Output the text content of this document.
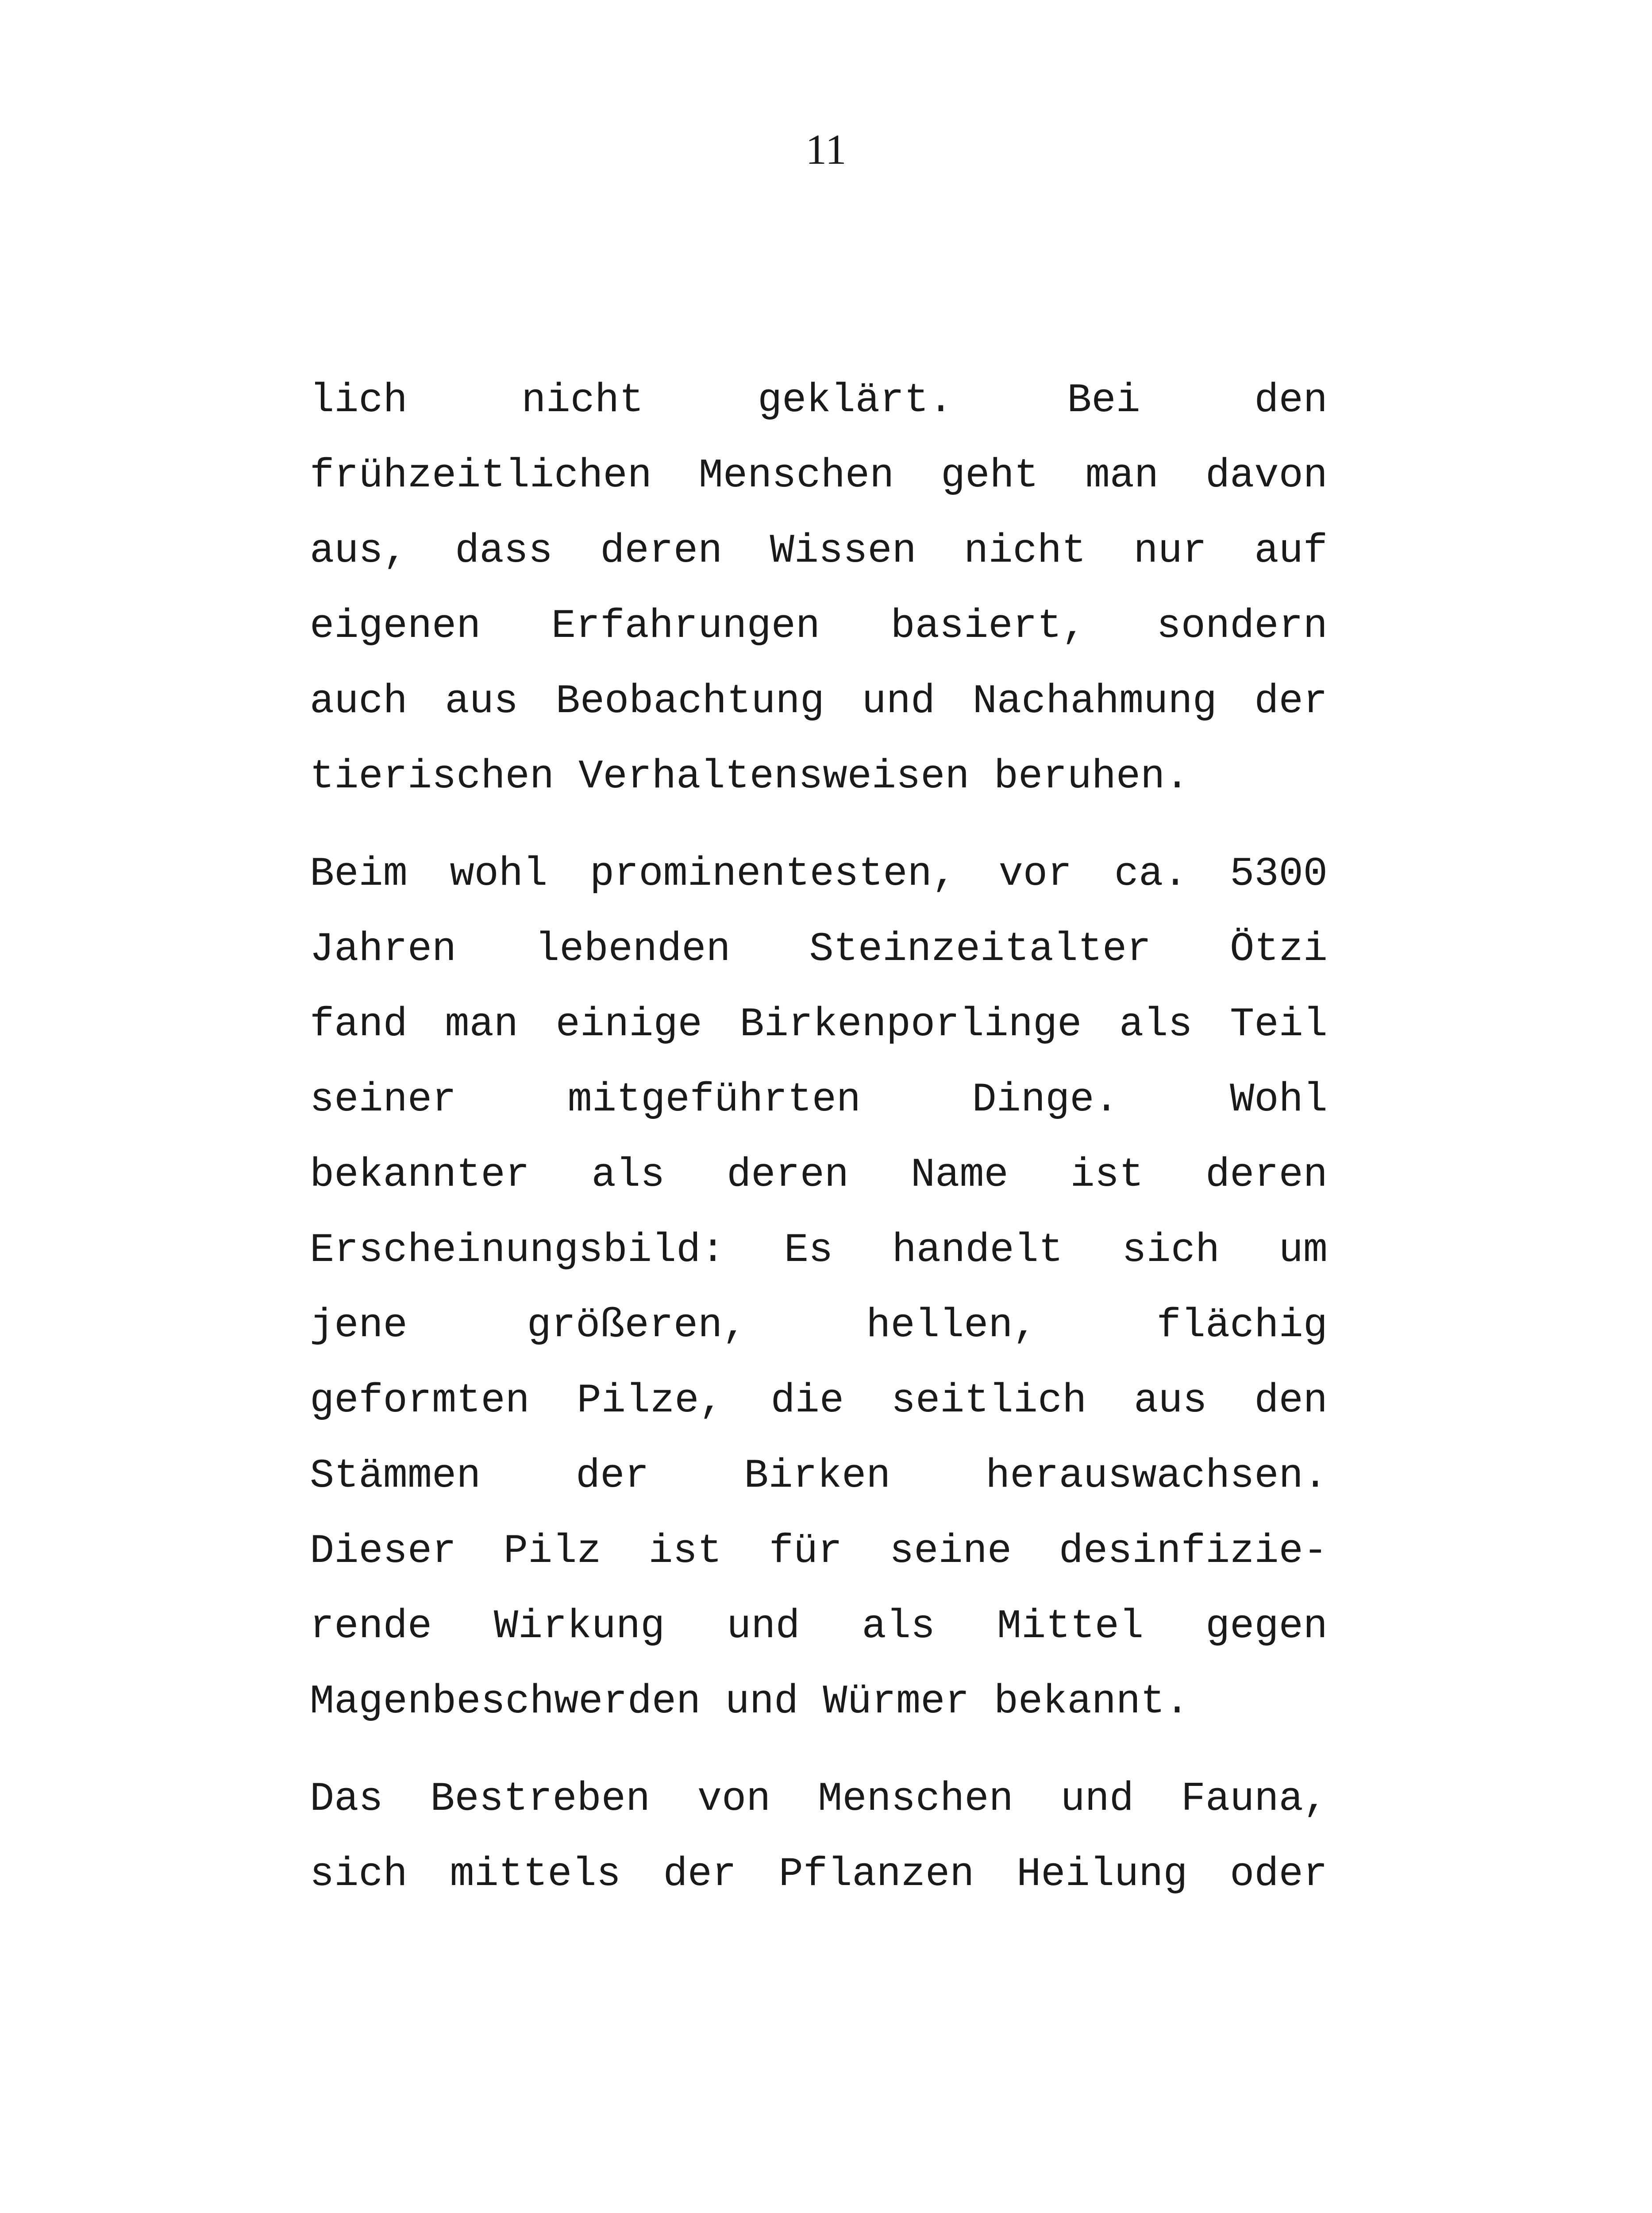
11
lich nicht geklärt. Bei den
frühzeitlichen Menschen geht man davon
aus, dass deren Wissen nicht nur auf
eigenen Erfahrungen basiert, sondern
auch aus Beobachtung und Nachahmung der
tierischen Verhaltensweisen beruhen.
Beim wohl prominentesten, vor ca. 5300
Jahren lebenden Steinzeitalter Ötzi
fand man einige Birkenporlinge als Teil
seiner mitgeführten Dinge. Wohl
bekannter als deren Name ist deren
Erscheinungsbild: Es handelt sich um
jene größeren, hellen, flächig
geformten Pilze, die seitlich aus den
Stämmen der Birken herauswachsen.
Dieser Pilz ist für seine desinfizie-
rende Wirkung und als Mittel gegen
Magenbeschwerden und Würmer bekannt.
Das Bestreben von Menschen und Fauna,
sich mittels der Pflanzen Heilung oder
